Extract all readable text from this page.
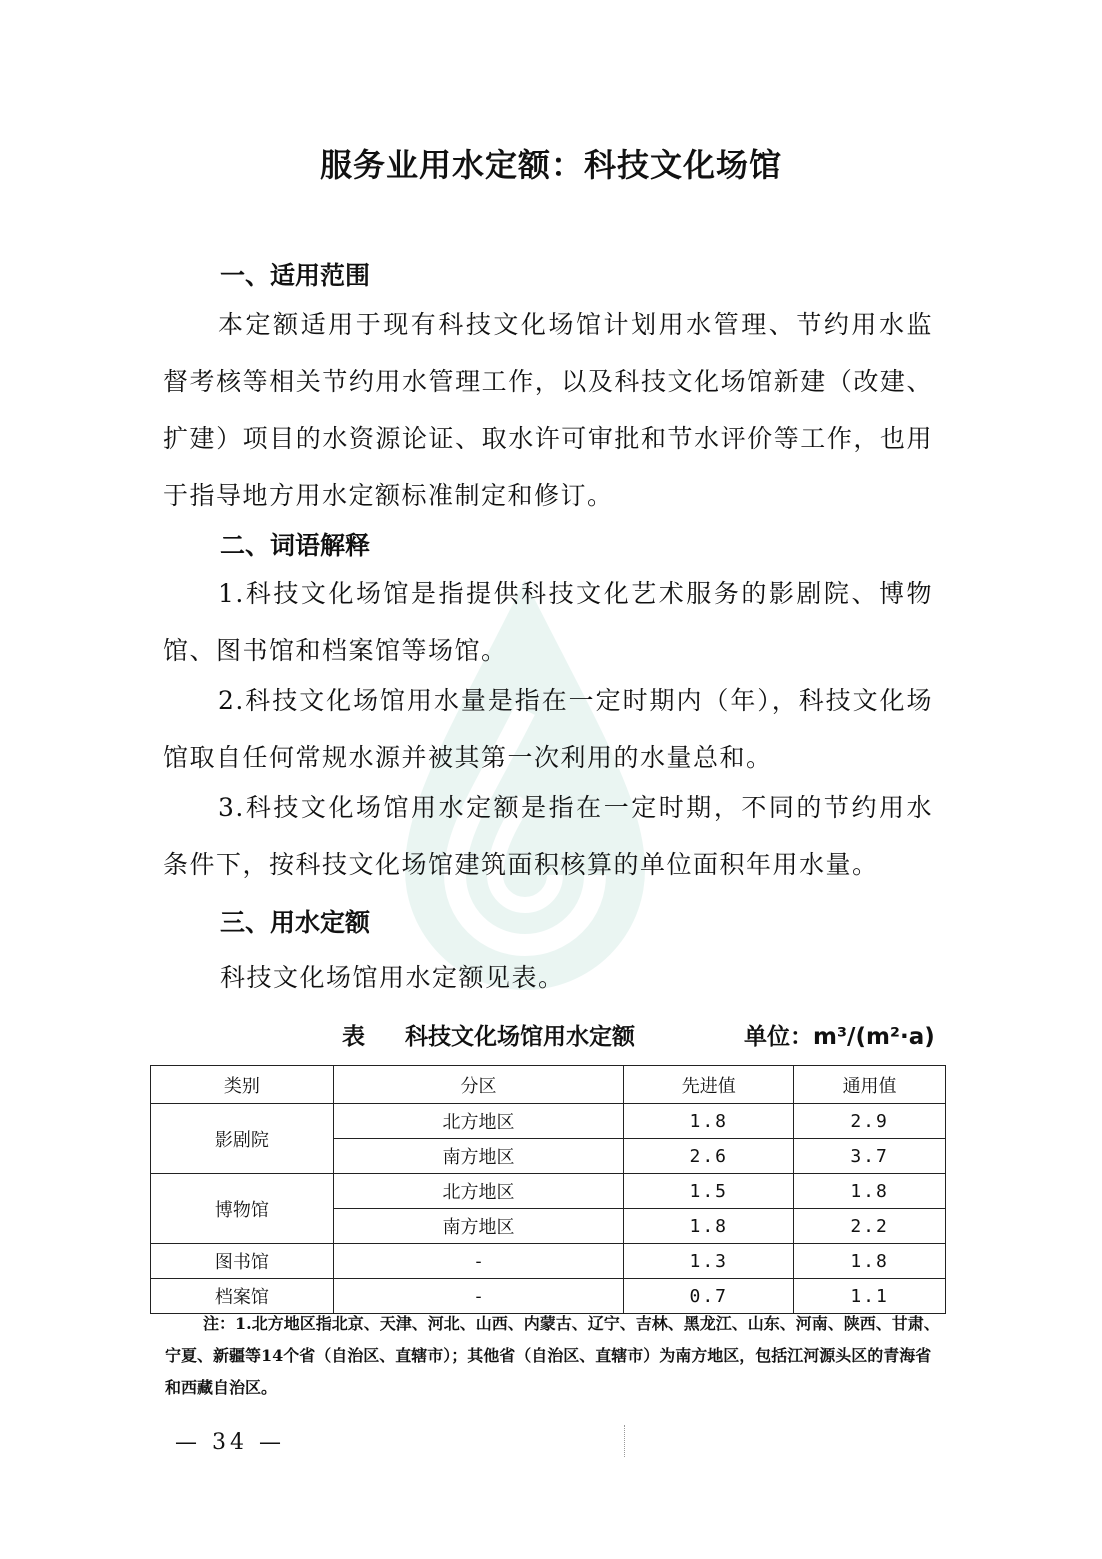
服务业用水定额：科技文化场馆
一、适用范围
本定额适用于现有科技文化场馆计划用水管理、节约用水监督考核等相关节约用水管理工作，以及科技文化场馆新建（改建、扩建）项目的水资源论证、取水许可审批和节水评价等工作，也用于指导地方用水定额标准制定和修订。
二、词语解释
1.科技文化场馆是指提供科技文化艺术服务的影剧院、博物馆、图书馆和档案馆等场馆。
2.科技文化场馆用水量是指在一定时期内（年），科技文化场馆取自任何常规水源并被其第一次利用的水量总和。
3.科技文化场馆用水定额是指在一定时期，不同的节约用水条件下，按科技文化场馆建筑面积核算的单位面积年用水量。
三、用水定额
科技文化场馆用水定额见表。
表 科技文化场馆用水定额	单位：m³/(m²·a)
类别	分区	先进值	通用值
影剧院	北方地区	1.8	2.9
	南方地区	2.6	3.7
博物馆	北方地区	1.5	1.8
	南方地区	1.8	2.2
图书馆	-	1.3	1.8
档案馆	-	0.7	1.1
注：1.北方地区指北京、天津、河北、山西、内蒙古、辽宁、吉林、黑龙江、山东、河南、陕西、甘肃、宁夏、新疆等14个省（自治区、直辖市）；其他省（自治区、直辖市）为南方地区，包括江河源头区的青海省和西藏自治区。
— 34 —
